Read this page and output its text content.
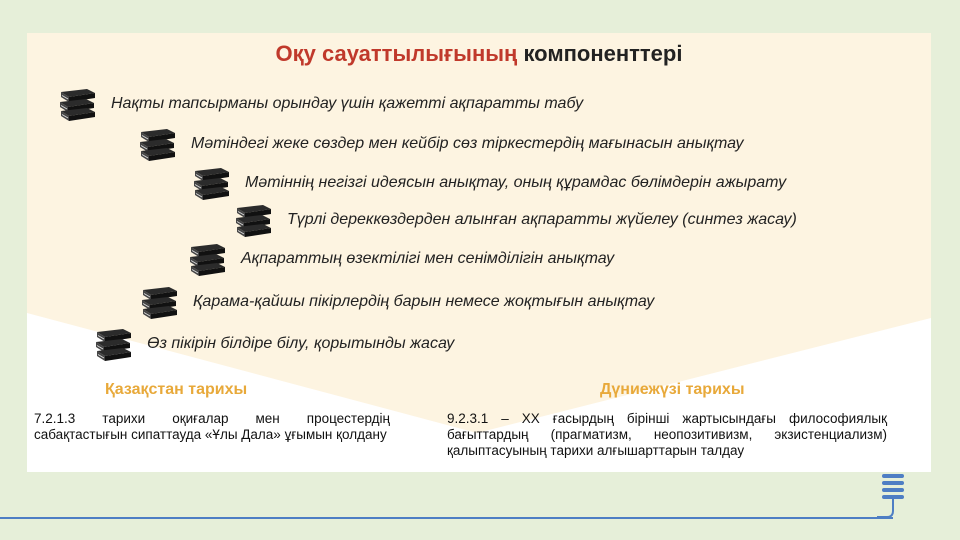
Оқу сауаттылығының компоненттері
Нақты тапсырманы орындау үшін қажетті ақпаратты табу
Мәтіндегі жеке сөздер мен кейбір сөз тіркестердің мағынасын анықтау
Мәтіннің негізгі идеясын анықтау, оның құрамдас бөлімдерін ажырату
Түрлі дереккөздерден алынған ақпаратты жүйелеу (синтез жасау)
Ақпараттың өзектілігі мен сенімділігін анықтау
Қарама-қайшы пікірлердің барын немесе жоқтығын анықтау
Өз пікірін білдіре білу, қорытынды жасау
Қазақстан тарихы
7.2.1.3 тарихи оқиғалар мен процестердің сабақтастығын сипаттауда «Ұлы Дала» ұғымын қолдану
Дүниежүзі тарихы
9.2.3.1 – ХХ ғасырдың бірінші жартысындағы философиялық бағыттардың (прагматизм, неопозитивизм, экзистенциализм) қалыптасуының тарихи алғышарттарын талдау
